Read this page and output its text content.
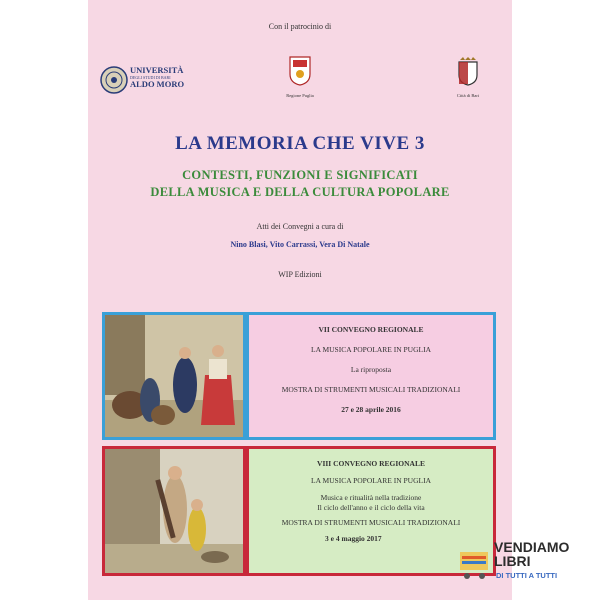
Con il patrocinio di
UNIVERSITÀ
DEGLI STUDI DI BARI
ALDO MORO
Regione Puglia	Città di Bari
LA MEMORIA CHE VIVE 3
CONTESTI, FUNZIONI E SIGNIFICATI
DELLA MUSICA E DELLA CULTURA POPOLARE
Atti dei Convegni a cura di
Nino Blasi, Vito Carrassi, Vera Di Natale
WIP Edizioni
VII CONVEGNO REGIONALE
LA MUSICA POPOLARE IN PUGLIA
La riproposta
MOSTRA DI STRUMENTI MUSICALI TRADIZIONALI
27 e 28 aprile 2016
VIII CONVEGNO REGIONALE
LA MUSICA POPOLARE IN PUGLIA
Musica e ritualità nella tradizione
Il ciclo dell'anno e il ciclo della vita
MOSTRA DI STRUMENTI MUSICALI TRADIZIONALI
3 e 4 maggio 2017
VENDIAMO
LIBRI
DI TUTTI A TUTTI
